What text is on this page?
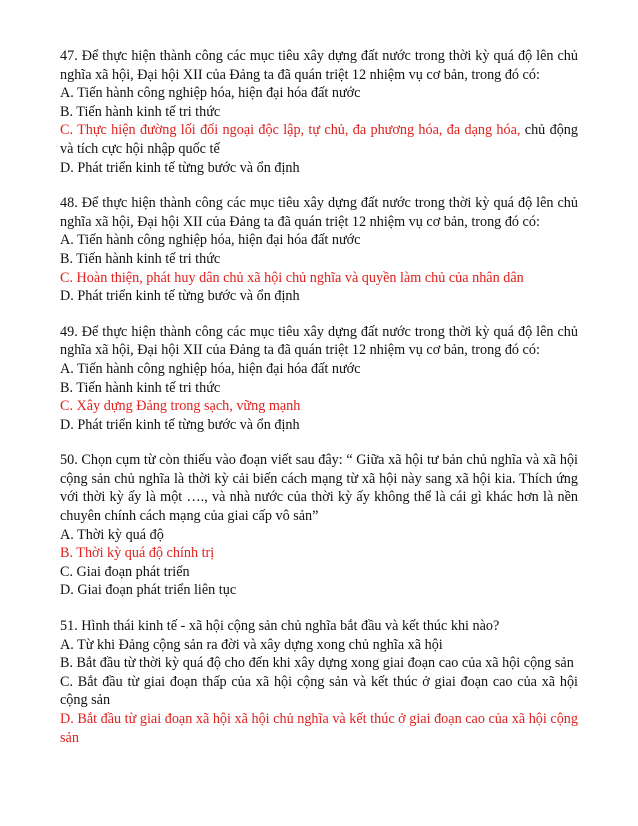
47. Để thực hiện thành công các mục tiêu xây dựng đất nước trong thời kỳ quá độ lên chủ nghĩa xã hội, Đại hội XII của Đảng ta đã quán triệt 12 nhiệm vụ cơ bản, trong đó có:
A. Tiến hành công nghiệp hóa, hiện đại hóa đất nước
B. Tiến hành kinh tế tri thức
C. Thực hiện đường lối đối ngoại độc lập, tự chủ, đa phương hóa, đa dạng hóa, chủ động và tích cực hội nhập quốc tế
D. Phát triển kinh tế từng bước và ổn định
48. Để thực hiện thành công các mục tiêu xây dựng đất nước trong thời kỳ quá độ lên chủ nghĩa xã hội, Đại hội XII của Đảng ta đã quán triệt 12 nhiệm vụ cơ bản, trong đó có:
A. Tiến hành công nghiệp hóa, hiện đại hóa đất nước
B. Tiến hành kinh tế tri thức
C. Hoàn thiện, phát huy dân chủ xã hội chủ nghĩa và quyền làm chủ của nhân dân
D. Phát triển kinh tế từng bước và ổn định
49. Để thực hiện thành công các mục tiêu xây dựng đất nước trong thời kỳ quá độ lên chủ nghĩa xã hội, Đại hội XII của Đảng ta đã quán triệt 12 nhiệm vụ cơ bản, trong đó có:
A. Tiến hành công nghiệp hóa, hiện đại hóa đất nước
B. Tiến hành kinh tế tri thức
C. Xây dựng Đảng trong sạch, vững mạnh
D. Phát triển kinh tế từng bước và ổn định
50. Chọn cụm từ còn thiếu vào đoạn viết sau đây: “ Giữa xã hội tư bản chủ nghĩa và xã hội cộng sản chủ nghĩa là thời kỳ cải biến cách mạng từ xã hội này sang xã hội kia. Thích ứng với thời kỳ ấy là một …., và nhà nước của thời kỳ ấy không thể là cái gì khác hơn là nền chuyên chính cách mạng của giai cấp vô sản”
A. Thời kỳ quá độ
B. Thời kỳ quá độ chính trị
C. Giai đoạn phát triển
D. Giai đoạn phát triển liên tục
51. Hình thái kinh tế - xã hội cộng sản chủ nghĩa bắt đầu và kết thúc khi nào?
A. Từ khi Đảng cộng sản ra đời và xây dựng xong chủ nghĩa xã hội
B. Bắt đầu từ thời kỳ quá độ cho đến khi xây dựng xong giai đoạn cao của xã hội cộng sản
C. Bắt đầu từ giai đoạn thấp của xã hội cộng sản và kết thúc ở giai đoạn cao của xã hội cộng sản
D. Bắt đầu từ giai đoạn xã hội xã hội chủ nghĩa và kết thúc ở giai đoạn cao của xã hội cộng sản
